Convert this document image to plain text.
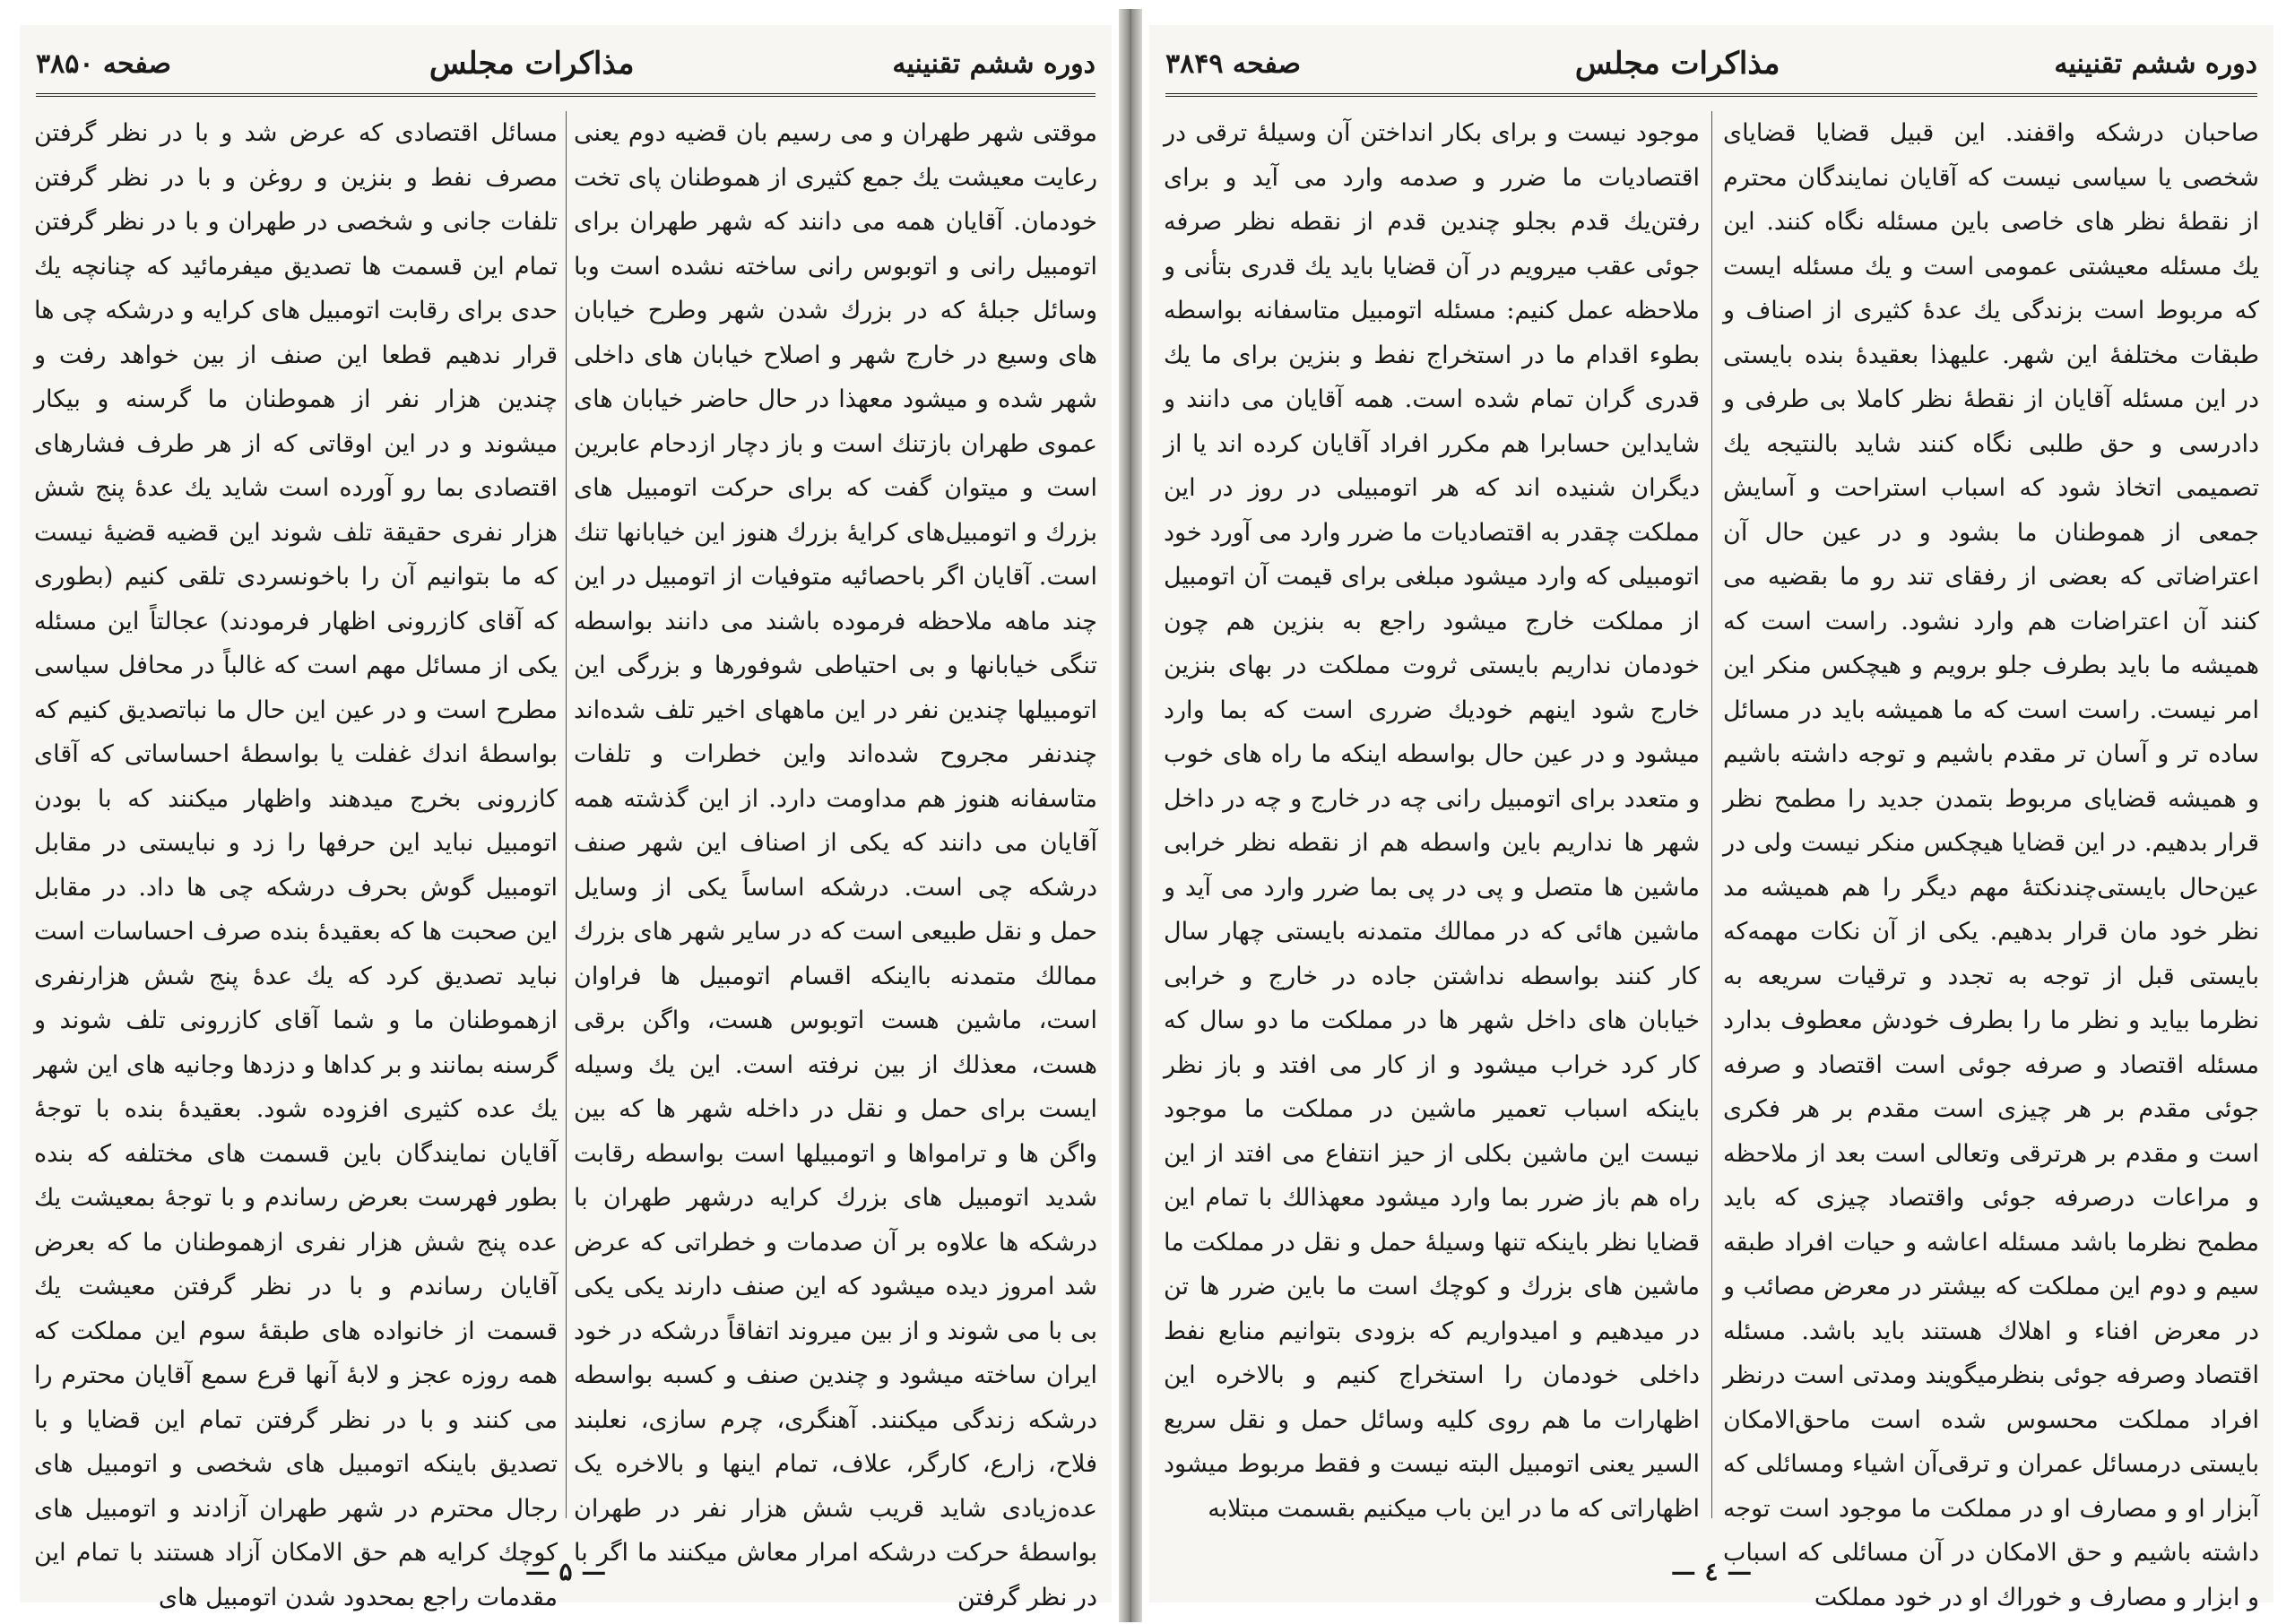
دوره ششم تقنینیه
مذاکرات مجلس
صفحه ۳۸۵۰

موقتی شهر طهران و می رسیم بان قضیه دوم یعنی رعایت معیشت یك جمع کثیری از هموطنان پای تخت خودمان. آقایان همه می دانند که شهر طهران برای اتومبیل رانی و اتوبوس رانی ساخته نشده است وبا وسائل جبلهٔ که در بزرك شدن شهر وطرح خیابان های وسیع در خارج شهر و اصلاح خیابان های داخلی شهر شده و میشود معهذا در حال حاضر خیابان های عموی طهران بازتنك است و باز دچار ازدحام عابرین است و میتوان گفت که برای حرکت اتومبیل های بزرك و اتومبیل‌های کرایهٔ بزرك هنوز این خیابانها تنك است. آقایان اگر باحصائیه متوفیات از اتومبیل در این چند ماهه ملاحظه فرموده باشند می دانند بواسطه تنگی خیابانها و بی احتیاطی شوفورها و بزرگی این اتومبیلها چندین نفر در این ماههای اخیر تلف شده‌اند چندنفر مجروح شده‌اند واین خطرات و تلفات متاسفانه هنوز هم مداومت دارد. از این گذشته همه آقایان می دانند که یکی از اصناف این شهر صنف درشکه چی است. درشکه اساساً یکی از وسایل حمل و نقل طبیعی است که در سایر شهر های بزرك ممالك متمدنه بااینکه اقسام اتومبیل ها فراوان است، ماشین هست اتوبوس هست، واگن برقی هست، معذلك از بین نرفته است. این یك وسیله ایست برای حمل و نقل در داخله شهر ها که بین واگن ها و ترامواها و اتومبیلها است بواسطه رقابت شدید اتومبیل های بزرك کرایه درشهر طهران با درشکه ها علاوه بر آن صدمات و خطراتی که عرض شد امروز دیده میشود که این صنف دارند یکی یکی بی با می شوند و از بین میروند اتفاقاً درشکه در خود ایران ساخته میشود و چندین صنف و کسبه بواسطه درشکه زندگی میکنند. آهنگری، چرم سازی، نعلبند فلاح، زارع، کارگر، علاف، تمام اینها و بالاخره یک عده‌زیادی شاید قریب شش هزار نفر در طهران بواسطهٔ حرکت درشکه امرار معاش میکنند ما اگر با در نظر گرفتن

مسائل اقتصادی که عرض شد و با در نظر گرفتن مصرف نفط و بنزین و روغن و با در نظر گرفتن تلفات جانی و شخصی در طهران و با در نظر گرفتن تمام این قسمت ها تصدیق میفرمائید که چنانچه یك حدی برای رقابت اتومبیل های کرایه و درشکه چی ها قرار ندهیم قطعا این صنف از بین خواهد رفت و چندین هزار نفر از هموطنان ما گرسنه و بیکار میشوند و در این اوقاتی که از هر طرف فشارهای اقتصادی بما رو آورده است شاید یك عدهٔ پنج شش هزار نفری حقیقة تلف شوند این قضیه قضیهٔ نیست که ما بتوانیم آن را باخونسردی تلقی کنیم (بطوری که آقای کازرونی اظهار فرمودند) عجالتاً این مسئله یکی از مسائل مهم است که غالباً در محافل سیاسی مطرح است و در عین این حال ما نباتصدیق کنیم که بواسطهٔ اندك غفلت یا بواسطهٔ احساساتی که آقای کازرونی بخرج میدهند واظهار میکنند که با بودن اتومبیل نباید این حرفها را زد و نبایستی در مقابل اتومبیل گوش بحرف درشکه چی ها داد. در مقابل این صحبت ها که بعقیدهٔ بنده صرف احساسات است نباید تصدیق کرد که یك عدهٔ پنج شش هزارنفری ازهموطنان ما و شما آقای کازرونی تلف شوند و گرسنه بمانند و بر کداها و دزدها وجانیه های این شهر یك عده کثیری افزوده شود. بعقیدهٔ بنده با توجهٔ آقایان نمایندگان باین قسمت های مختلفه که بنده بطور فهرست بعرض رساندم و با توجهٔ بمعیشت یك عده پنج شش هزار نفری ازهموطنان ما که بعرض آقایان رساندم و با در نظر گرفتن معیشت یك قسمت از خانواده های طبقهٔ سوم این مملکت که همه روزه عجز و لابهٔ آنها قرع سمع آقایان محترم را می کنند و با در نظر گرفتن تمام این قضایا و با تصدیق باینکه اتومبیل های شخصی و اتومبیل های رجال محترم در شهر طهران آزادند و اتومبیل های کوچك کرایه هم حق الامکان آزاد هستند با تمام این مقدمات راجع بمحدود شدن اتومبیل های

— ۵ —
دوره ششم تقنینیه
مذاکرات مجلس
صفحه ۳۸۴۹

صاحبان درشکه واقفند. این قبیل قضایا قضایای شخصی یا سیاسی نیست که آقایان نمایندگان محترم از نقطهٔ نظر های خاصی باین مسئله نگاه کنند. این یك مسئله معیشتی عمومی است و یك مسئله ایست که مربوط است بزندگی یك عدهٔ کثیری از اصناف و طبقات مختلفهٔ این شهر. علیهذا بعقیدهٔ بنده بایستی در این مسئله آقایان از نقطهٔ نظر کاملا بی طرفی و دادرسی و حق طلبی نگاه کنند شاید بالنتیجه یك تصمیمی اتخاذ شود که اسباب استراحت و آسایش جمعی از هموطنان ما بشود و در عین حال آن اعتراضاتی که بعضی از رفقای تند رو ما بقضیه می کنند آن اعتراضات هم وارد نشود. راست است که همیشه ما باید بطرف جلو برویم و هیچکس منکر این امر نیست. راست است که ما همیشه باید در مسائل ساده تر و آسان تر مقدم باشیم و توجه داشته باشیم و همیشه قضایای مربوط بتمدن جدید را مطمح نظر قرار بدهیم. در این قضایا هیچکس منکر نیست ولی در عین‌حال بایستی‌چندنکتهٔ مهم دیگر را هم همیشه مد نظر خود مان قرار بدهیم. یکی از آن نکات مهمه‌که بایستی قبل از توجه به تجدد و ترقیات سریعه به نظرما بیاید و نظر ما را بطرف خودش معطوف بدارد مسئله اقتصاد و صرفه جوئی است اقتصاد و صرفه جوئی مقدم بر هر چیزی است مقدم بر هر فکری است و مقدم بر هرترقی وتعالی است بعد از ملاحظه و مراعات درصرفه جوئی واقتصاد چیزی که باید مطمح نظرما باشد مسئله اعاشه و حیات افراد طبقه سیم و دوم این مملکت که بیشتر در معرض مصائب و در معرض افناء و اهلاك هستند باید باشد. مسئله اقتصاد وصرفه جوئی بنظرمیگویند ومدتی است درنظر افراد مملکت محسوس شده است ماحق‌الامکان بایستی درمسائل عمران و ترقی‌آن اشیاء ومسائلی که آبزار او و مصارف او در مملکت ما موجود است توجه داشته باشیم و حق الامکان در آن مسائلی که اسباب و ابزار و مصارف و خوراك او در خود مملکت

موجود نیست و برای بکار انداختن آن وسیلهٔ ترقی در اقتصادیات ما ضرر و صدمه وارد می آید و برای رفتن‌یك قدم بجلو چندین قدم از نقطه نظر صرفه جوئی عقب میرویم در آن قضایا باید یك قدری بتأنی و ملاحظه عمل کنیم: مسئله اتومبیل متاسفانه بواسطه بطوء اقدام ما در استخراج نفط و بنزین برای ما یك قدری گران تمام شده است. همه آقایان می دانند و شایداین حسابرا هم مکرر افراد آقایان کرده اند یا از دیگران شنیده اند که هر اتومبیلی در روز در این مملکت چقدر به اقتصادیات ما ضرر وارد می آورد خود اتومبیلی که وارد میشود مبلغی برای قیمت آن اتومبیل از مملکت خارج میشود راجع به بنزین هم چون خودمان نداریم بایستی ثروت مملکت در بهای بنزین خارج شود اینهم خودیك ضرری است که بما وارد میشود و در عین حال بواسطه اینکه ما راه های خوب و متعدد برای اتومبیل رانی چه در خارج و چه در داخل شهر ها نداریم باین واسطه هم از نقطه نظر خرابی ماشین ها متصل و پی در پی بما ضرر وارد می آید و ماشین هائی که در ممالك متمدنه بایستی چهار سال کار کنند بواسطه نداشتن جاده در خارج و خرابی خیابان های داخل شهر ها در مملکت ما دو سال که کار کرد خراب میشود و از کار می افتد و باز نظر باینکه اسباب تعمیر ماشین در مملکت ما موجود نیست این ماشین بکلی از حیز انتفاع می افتد از این راه هم باز ضرر بما وارد میشود معهذالك با تمام این قضایا نظر باینکه تنها وسیلهٔ حمل و نقل در مملکت ما ماشین های بزرك و کوچك است ما باین ضرر ها تن در میدهیم و امیدواریم که بزودی بتوانیم منابع نفط داخلی خودمان را استخراج کنیم و بالاخره این اظهارات ما هم روی کلیه وسائل حمل و نقل سریع السیر یعنی اتومبیل البته نیست و فقط مربوط میشود اظهاراتی که ما در این باب میکنیم بقسمت مبتلابه

— ٤ —
